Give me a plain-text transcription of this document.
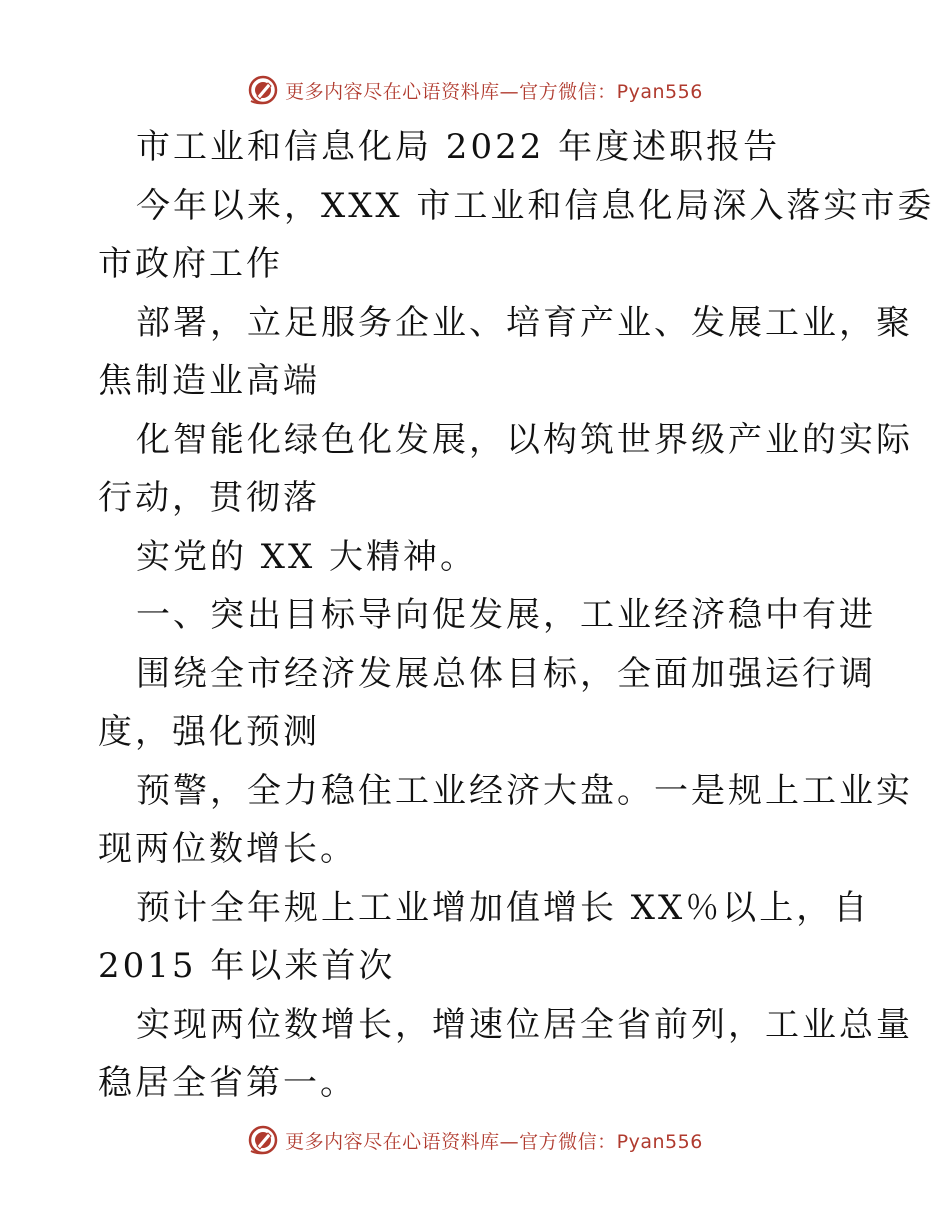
更多内容尽在心语资料库—官方微信：Pyan556
市工业和信息化局 2022 年度述职报告
今年以来，XXX 市工业和信息化局深入落实市委
市政府工作
部署，立足服务企业、培育产业、发展工业，聚
焦制造业高端
化智能化绿色化发展，以构筑世界级产业的实际
行动，贯彻落
实党的 XX 大精神。
一、突出目标导向促发展，工业经济稳中有进
围绕全市经济发展总体目标，全面加强运行调
度，强化预测
预警，全力稳住工业经济大盘。一是规上工业实
现两位数增长。
预计全年规上工业增加值增长 XX％以上，自
2015 年以来首次
实现两位数增长，增速位居全省前列，工业总量
稳居全省第一。
更多内容尽在心语资料库—官方微信：Pyan556
